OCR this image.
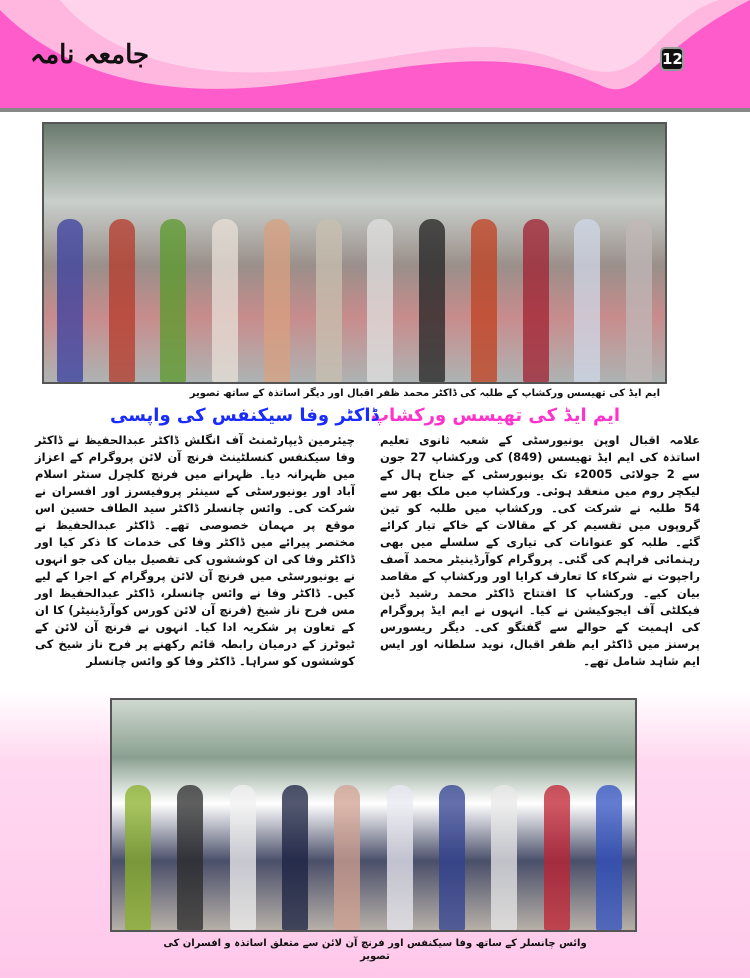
جامعہ نامہ	12
ایم ایڈ کی تھیسس ورکشاپ کے طلبہ کی ڈاکٹر محمد ظفر اقبال اور دیگر اساتذہ کے ساتھ تصویر
ایم ایڈ کی تھیسس ورکشاپ
علامہ اقبال اوپن یونیورسٹی کے شعبہ ثانوی تعلیم اساتذہ کی ایم ایڈ تھیسس (849) کی ورکشاپ 27 جون سے 2 جولائی 2005ء تک یونیورسٹی کے جناح ہال کے لیکچر روم میں منعقد ہوئی۔ ورکشاپ میں ملک بھر سے 54 طلبہ نے شرکت کی۔ ورکشاپ میں طلبہ کو تین گروپوں میں تقسیم کر کے مقالات کے خاکے تیار کرائے گئے۔ طلبہ کو عنوانات کی تیاری کے سلسلے میں بھی رہنمائی فراہم کی گئی۔ پروگرام کوآرڈینیٹر محمد آصف راجپوت نے شرکاء کا تعارف کرایا اور ورکشاپ کے مقاصد بیان کیے۔ ورکشاپ کا افتتاح ڈاکٹر محمد رشید ڈین فیکلٹی آف ایجوکیشن نے کیا۔ انہوں نے ایم ایڈ پروگرام کی اہمیت کے حوالے سے گفتگو کی۔ دیگر ریسورس پرسنز میں ڈاکٹر ایم ظفر اقبال، نوید سلطانہ اور ایس ایم شاہد شامل تھے۔
ڈاکٹر وفا سیکنفس کی واپسی
چیئرمین ڈیپارٹمنٹ آف انگلش ڈاکٹر عبدالحفیظ نے ڈاکٹر وفا سیکنفس کنسلٹینٹ فرنچ آن لائن پروگرام کے اعزاز میں ظہرانہ دیا۔ ظہرانے میں فرنچ کلچرل سنٹر اسلام آباد اور یونیورسٹی کے سینئر پروفیسرز اور افسران نے شرکت کی۔ وائس چانسلر ڈاکٹر سید الطاف حسین اس موقع پر مہمان خصوصی تھے۔ ڈاکٹر عبدالحفیظ نے مختصر پیرائے میں ڈاکٹر وفا کی خدمات کا ذکر کیا اور ڈاکٹر وفا کی ان کوششوں کی تفصیل بیان کی جو انہوں نے یونیورسٹی میں فرنچ آن لائن پروگرام کے اجرا کے لیے کیں۔ ڈاکٹر وفا نے وائس چانسلر، ڈاکٹر عبدالحفیظ اور مس فرح ناز شیخ (فرنچ آن لائن کورس کوآرڈینیٹر) کا ان کے تعاون پر شکریہ ادا کیا۔ انہوں نے فرنچ آن لائن کے ٹیوٹرز کے درمیان رابطہ قائم رکھنے پر فرح ناز شیخ کی کوششوں کو سراہا۔ ڈاکٹر وفا کو وائس چانسلر
وائس چانسلر کے ساتھ وفا سیکنفس اور فرنچ آن لائن سے متعلق اساتذہ و افسران کی تصویر
